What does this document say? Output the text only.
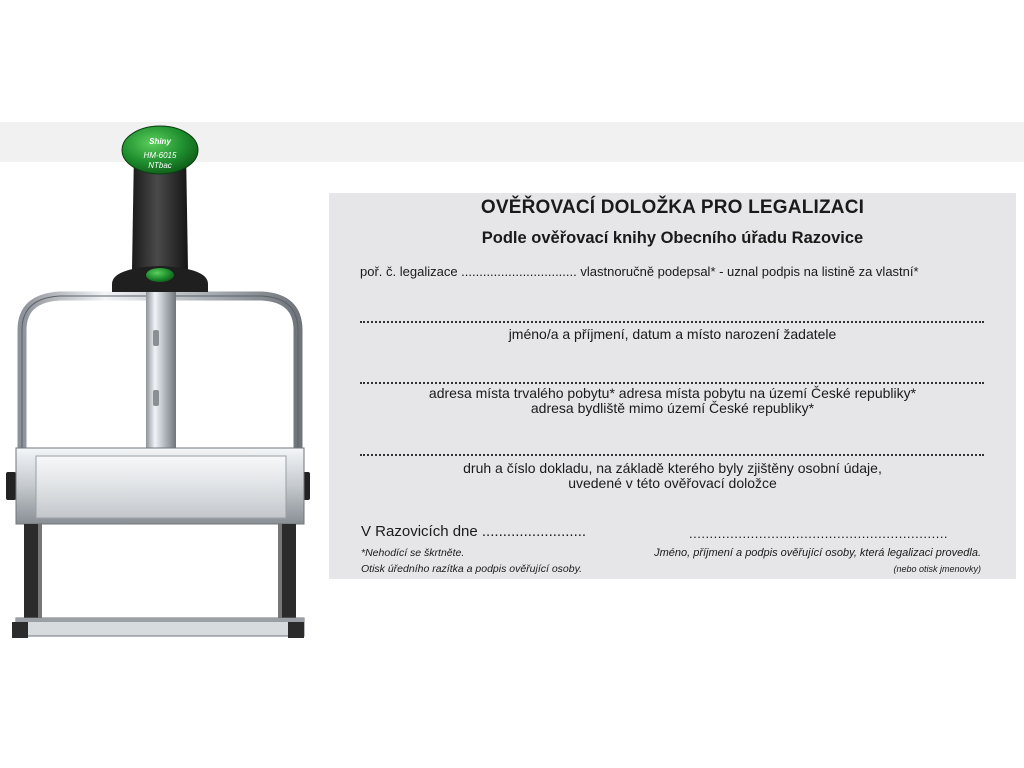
Shiny
HM-6015
NTbac
OVĚŘOVACÍ DOLOŽKA PRO LEGALIZACI
Podle ověřovací knihy Obecního úřadu Razovice
poř. č. legalizace ................................ vlastnoručně podepsal* - uznal podpis na listině za vlastní*
jméno/a a příjmení, datum a místo narození žadatele
adresa místa trvalého pobytu* adresa místa pobytu na území České republiky*
adresa bydliště mimo území České republiky*
druh a číslo dokladu, na základě kterého byly zjištěny osobní údaje,
uvedené v této ověřovací doložce
V Razovicích dne .........................	...............................................................
*Nehodící se škrtněte.
Otisk úředního razítka a podpis ověřující osoby.
Jméno, příjmení a podpis ověřující osoby, která legalizaci provedla.
(nebo otisk jmenovky)
